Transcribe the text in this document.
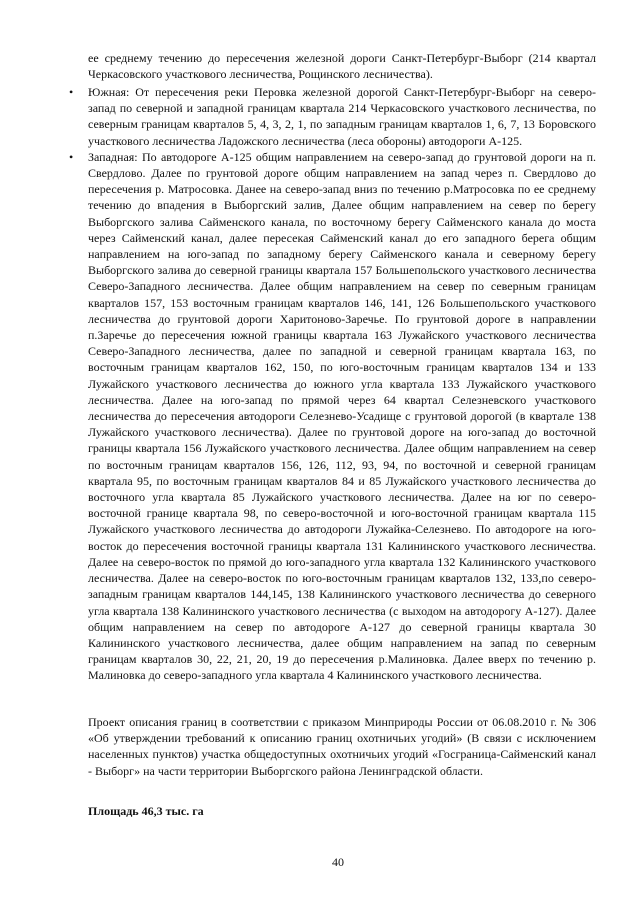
ее среднему течению до пересечения железной дороги Санкт-Петербург-Выборг (214 квартал Черкасовского участкового лесничества, Рощинского лесничества).
• Южная: От пересечения реки Перовка железной дорогой Санкт-Петербург-Выборг на северо-запад по северной и западной границам квартала 214 Черкасовского участкового лесничества, по северным границам кварталов 5, 4, 3, 2, 1, по западным границам кварталов 1, 6, 7, 13 Боровского участкового лесничества Ладожского лесничества (леса обороны) автодороги А-125.
• Западная: По автодороге А-125 общим направлением на северо-запад до грунтовой дороги на п. Свердлово. Далее по грунтовой дороге общим направлением на запад через п. Свердлово до пересечения р. Матросовка. Данее на северо-запад вниз по течению р.Матросовка по ее среднему течению до впадения в Выборгский залив, Далее общим направлением на север по берегу Выборгского залива Сайменского канала, по восточному берегу Сайменского канала до моста через Сайменский канал, далее пересекая Сайменский канал до его западного берега общим направлением на юго-запад по западному берегу Сайменского канала и северному берегу Выборгского залива до северной границы квартала 157 Большепольского участкового лесничества Северо-Западного лесничества. Далее общим направлением на север по северным границам кварталов 157, 153 восточным границам кварталов 146, 141, 126 Большепольского участкового лесничества до грунтовой дороги Харитоново-Заречье. По грунтовой дороге в направлении п.Заречье до пересечения южной границы квартала 163 Лужайского участкового лесничества Северо-Западного лесничества, далее по западной и северной границам квартала 163, по восточным границам кварталов 162, 150, по юго-восточным границам кварталов 134 и 133 Лужайского участкового лесничества до южного угла квартала 133 Лужайского участкового лесничества. Далее на юго-запад по прямой через 64 квартал Селезневского участкового лесничества до пересечения автодороги Селезнево-Усадище с грунтовой дорогой (в квартале 138 Лужайского участкового лесничества). Далее по грунтовой дороге на юго-запад до восточной границы квартала 156 Лужайского участкового лесничества. Далее общим направлением на север по восточным границам кварталов 156, 126, 112, 93, 94, по восточной и северной границам квартала 95, по восточным границам кварталов 84 и 85 Лужайского участкового лесничества до восточного угла квартала 85 Лужайского участкового лесничества. Далее на юг по северо-восточной границе квартала 98, по северо-восточной и юго-восточной границам квартала 115 Лужайского участкового лесничества до автодороги Лужайка-Селезнево. По автодороге на юго-восток до пересечения восточной границы квартала 131 Калининского участкового лесничества. Далее на северо-восток по прямой до юго-западного угла квартала 132 Калининского участкового лесничества. Далее на северо-восток по юго-восточным границам кварталов 132, 133,по северо-западным границам кварталов 144,145, 138 Калининского участкового лесничества до северного угла квартала 138 Калининского участкового лесничества (с выходом на автодорогу А-127). Далее общим направлением на север по автодороге А-127 до северной границы квартала 30 Калининского участкового лесничества, далее общим направлением на запад по северным границам кварталов 30, 22, 21, 20, 19 до пересечения р.Малиновка. Далее вверх по течению р. Малиновка до северо-западного угла квартала 4 Калининского участкового лесничества.
Проект описания границ в соответствии с приказом Минприроды России от 06.08.2010 г. № 306 «Об утверждении требований к описанию границ охотничьих угодий» (В связи с исключением населенных пунктов) участка общедоступных охотничьих угодий «Госграница-Сайменский канал - Выборг» на части территории Выборгского района Ленинградской области.
Площадь 46,3 тыс. га
40
